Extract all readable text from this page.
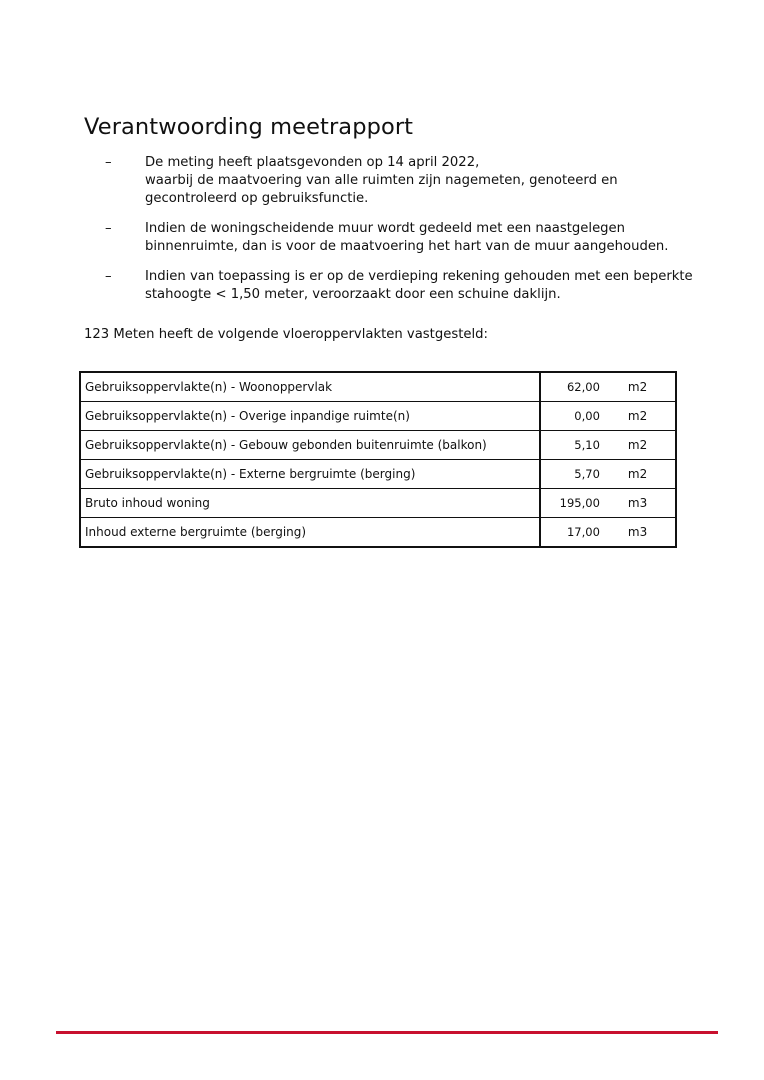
Verantwoording meetrapport
–	De meting heeft plaatsgevonden op 14 april 2022,
waarbij de maatvoering van alle ruimten zijn nagemeten, genoteerd en
gecontroleerd op gebruiksfunctie.
–	Indien de woningscheidende muur wordt gedeeld met een naastgelegen
binnenruimte, dan is voor de maatvoering het hart van de muur aangehouden.
–	Indien van toepassing is er op de verdieping rekening gehouden met een beperkte
stahoogte < 1,50 meter, veroorzaakt door een schuine daklijn.

123 Meten heeft de volgende vloeroppervlakten vastgesteld:

Gebruiksoppervlakte(n) - Woonoppervlak	62,00	m2
Gebruiksoppervlakte(n) - Overige inpandige ruimte(n)	0,00	m2
Gebruiksoppervlakte(n) - Gebouw gebonden buitenruimte (balkon)	5,10	m2
Gebruiksoppervlakte(n) - Externe bergruimte (berging)	5,70	m2
Bruto inhoud woning	195,00	m3
Inhoud externe bergruimte (berging)	17,00	m3
